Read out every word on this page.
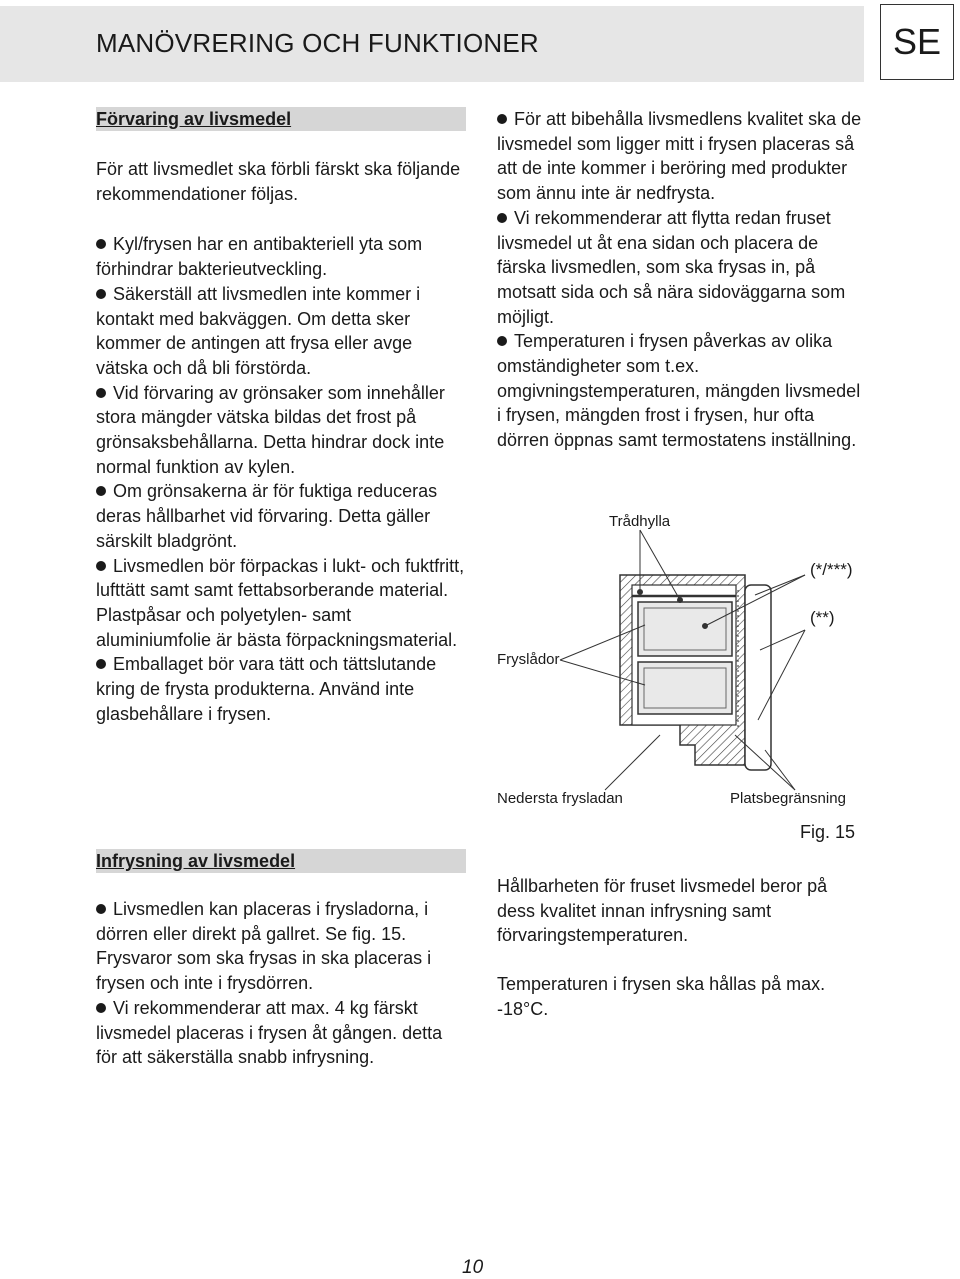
MANÖVRERING OCH FUNKTIONER	SE
Förvaring av livsmedel

För att livsmedlet ska förbli färskt ska följande rekommendationer följas.

Kyl/frysen har en antibakteriell yta som förhindrar bakterieutveckling.

Säkerställ att livsmedlen inte kommer i kontakt med bakväggen. Om detta sker kommer de antingen att frysa eller avge vätska och då bli förstörda.

Vid förvaring av grönsaker som innehåller stora mängder vätska bildas det frost på grönsaksbehållarna. Detta hindrar dock inte normal funktion av kylen.

Om grönsakerna är för fuktiga reduceras deras hållbarhet vid förvaring. Detta gäller särskilt bladgrönt.

Livsmedlen bör förpackas i lukt- och fuktfritt, lufttätt samt samt fettabsorberande material. Plastpåsar och polyetylen- samt aluminiumfolie är bästa förpackningsmaterial.

Emballaget bör vara tätt och tättslutande kring de frysta produkterna. Använd inte glasbehållare i frysen.

Infrysning av livsmedel

Livsmedlen kan placeras i frysladorna, i dörren eller direkt på gallret. Se fig. 15. Frysvaror som ska frysas in ska placeras i frysen och inte i frysdörren.

Vi rekommenderar att max. 4 kg färskt livsmedel placeras i frysen åt gången. detta för att säkerställa snabb infrysning.

För att bibehålla livsmedlens kvalitet ska de livsmedel som ligger mitt i frysen placeras så att de inte kommer i beröring med produkter som ännu inte är nedfrysta.

Vi rekommenderar att flytta redan fruset livsmedel ut åt ena sidan och placera de färska livsmedlen, som ska frysas in, på motsatt sida och så nära sidoväggarna som möjligt.

Temperaturen i frysen påverkas av olika omständigheter som t.ex. omgivningstemperaturen, mängden livsmedel i frysen, mängden frost i frysen, hur ofta dörren öppnas samt termostatens inställning.

Trådhylla
(*/***)
(**)
Fryslådor
Nedersta frysladan	Platsbegränsning
Fig. 15

Hållbarheten för fruset livsmedel beror på dess kvalitet innan infrysning samt förvaringstemperaturen.

Temperaturen i frysen ska hållas på max. -18°C.

10
